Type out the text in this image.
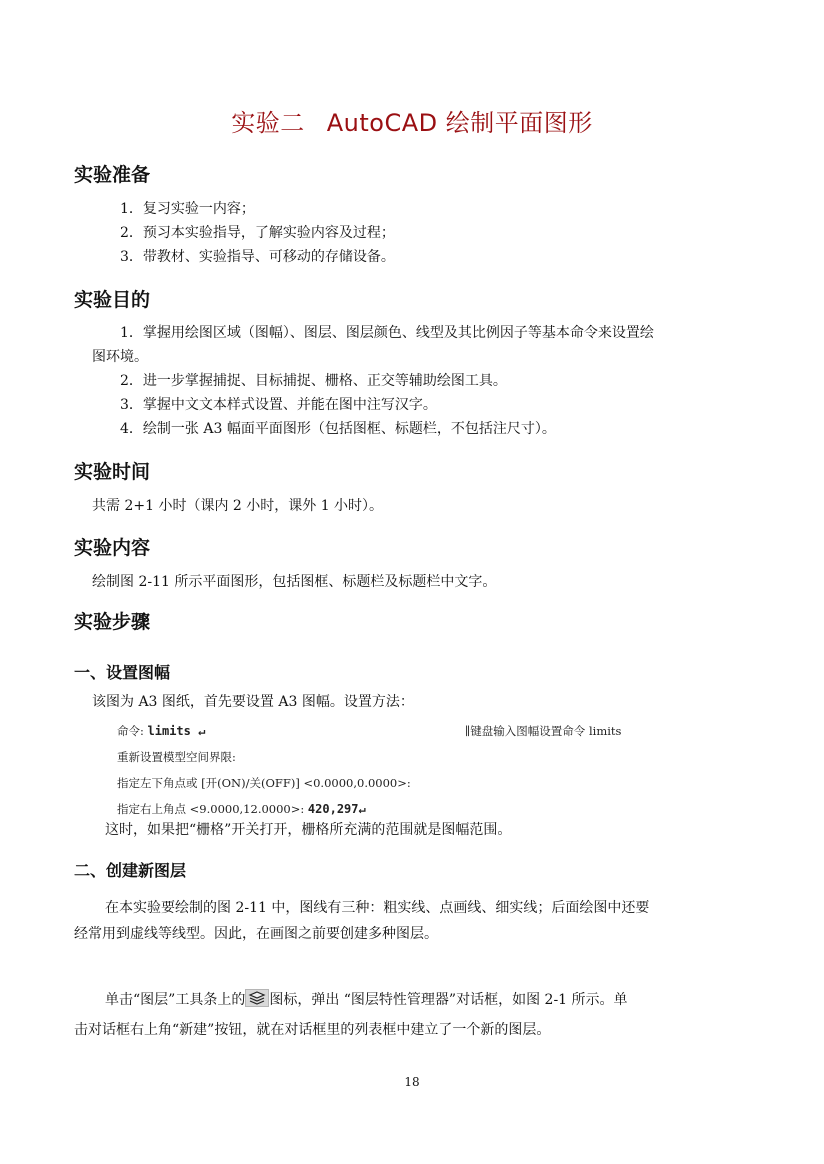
实验二 AutoCAD 绘制平面图形
实验准备
1．复习实验一内容；
2．预习本实验指导，了解实验内容及过程；
3．带教材、实验指导、可移动的存储设备。
实验目的
1．掌握用绘图区域（图幅）、图层、图层颜色、线型及其比例因子等基本命令来设置绘
图环境。
2．进一步掌握捕捉、目标捕捉、栅格、正交等辅助绘图工具。
3．掌握中文文本样式设置、并能在图中注写汉字。
4．绘制一张 A3 幅面平面图形（包括图框、标题栏，不包括注尺寸）。
实验时间
共需 2+1 小时（课内 2 小时，课外 1 小时）。
实验内容
绘制图 2-11 所示平面图形，包括图框、标题栏及标题栏中文字。
实验步骤
一、设置图幅
该图为 A3 图纸，首先要设置 A3 图幅。设置方法：
命令: limits ↵	∥键盘输入图幅设置命令 limits
重新设置模型空间界限:
指定左下角点或 [开(ON)/关(OFF)] <0.0000,0.0000>:
指定右上角点 <9.0000,12.0000>: 420,297↵
这时，如果把“栅格”开关打开，栅格所充满的范围就是图幅范围。
二、创建新图层
在本实验要绘制的图 2-11 中，图线有三种：粗实线、点画线、细实线；后面绘图中还要
经常用到虚线等线型。因此，在画图之前要创建多种图层。
单击“图层”工具条上的 图标，弹出 “图层特性管理器”对话框，如图 2-1 所示。单
击对话框右上角“新建”按钮，就在对话框里的列表框中建立了一个新的图层。
18
